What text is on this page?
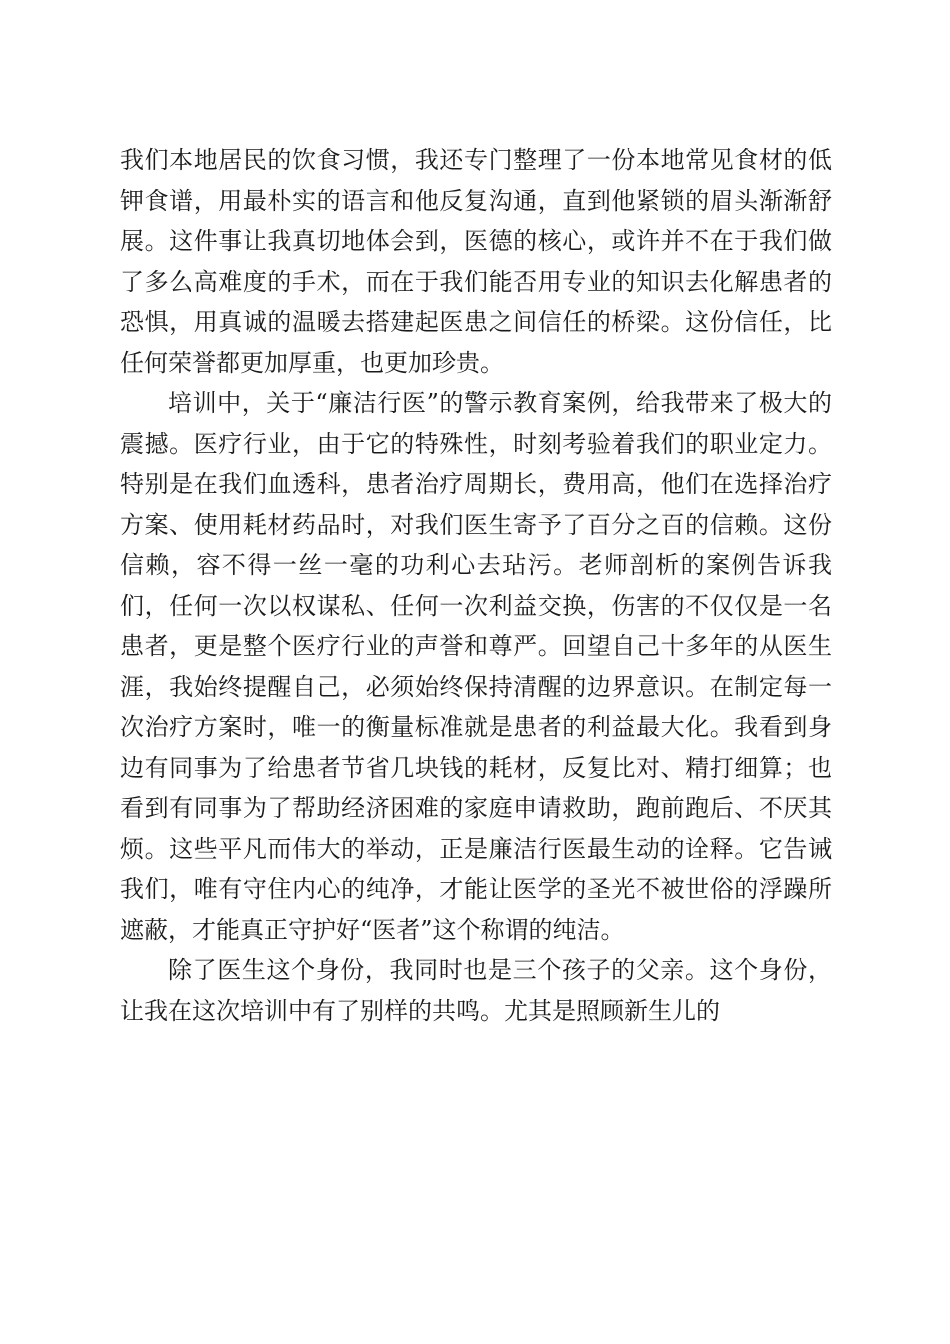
我们本地居民的饮食习惯，我还专门整理了一份本地常见食材的低钾食谱，用最朴实的语言和他反复沟通，直到他紧锁的眉头渐渐舒展。这件事让我真切地体会到，医德的核心，或许并不在于我们做了多么高难度的手术，而在于我们能否用专业的知识去化解患者的恐惧，用真诚的温暖去搭建起医患之间信任的桥梁。这份信任，比任何荣誉都更加厚重，也更加珍贵。

培训中，关于“廉洁行医”的警示教育案例，给我带来了极大的震撼。医疗行业，由于它的特殊性，时刻考验着我们的职业定力。特别是在我们血透科，患者治疗周期长，费用高，他们在选择治疗方案、使用耗材药品时，对我们医生寄予了百分之百的信赖。这份信赖，容不得一丝一毫的功利心去玷污。老师剖析的案例告诉我们，任何一次以权谋私、任何一次利益交换，伤害的不仅仅是一名患者，更是整个医疗行业的声誉和尊严。回望自己十多年的从医生涯，我始终提醒自己，必须始终保持清醒的边界意识。在制定每一次治疗方案时，唯一的衡量标准就是患者的利益最大化。我看到身边有同事为了给患者节省几块钱的耗材，反复比对、精打细算；也看到有同事为了帮助经济困难的家庭申请救助，跑前跑后、不厌其烦。这些平凡而伟大的举动，正是廉洁行医最生动的诠释。它告诫我们，唯有守住内心的纯净，才能让医学的圣光不被世俗的浮躁所遮蔽，才能真正守护好“医者”这个称谓的纯洁。

除了医生这个身份，我同时也是三个孩子的父亲。这个身份，让我在这次培训中有了别样的共鸣。尤其是照顾新生儿的
